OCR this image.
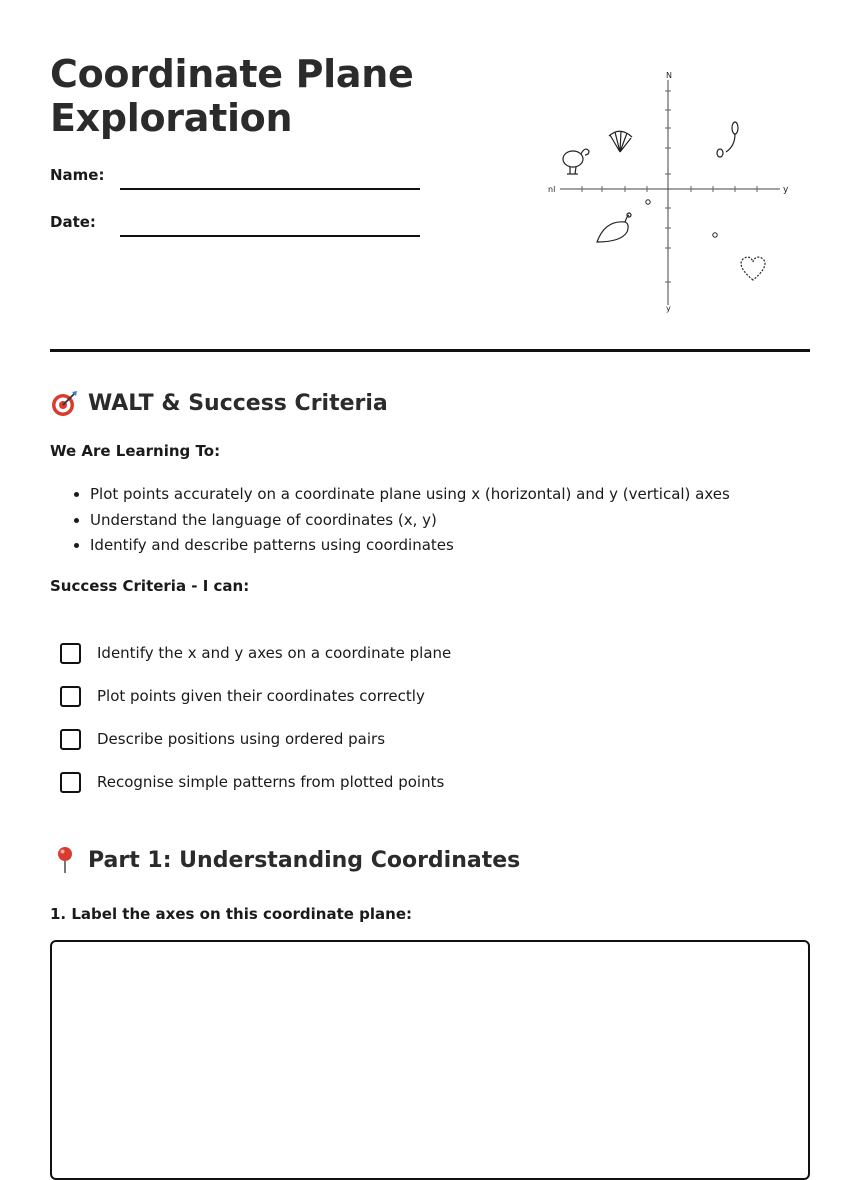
Coordinate Plane Exploration
Name:
Date:
N
nl	y
y
WALT & Success Criteria

We Are Learning To:

• Plot points accurately on a coordinate plane using x (horizontal) and y (vertical) axes
• Understand the language of coordinates (x, y)
• Identify and describe patterns using coordinates

Success Criteria - I can:

Identify the x and y axes on a coordinate plane
Plot points given their coordinates correctly
Describe positions using ordered pairs
Recognise simple patterns from plotted points
Part 1: Understanding Coordinates

1. Label the axes on this coordinate plane:
